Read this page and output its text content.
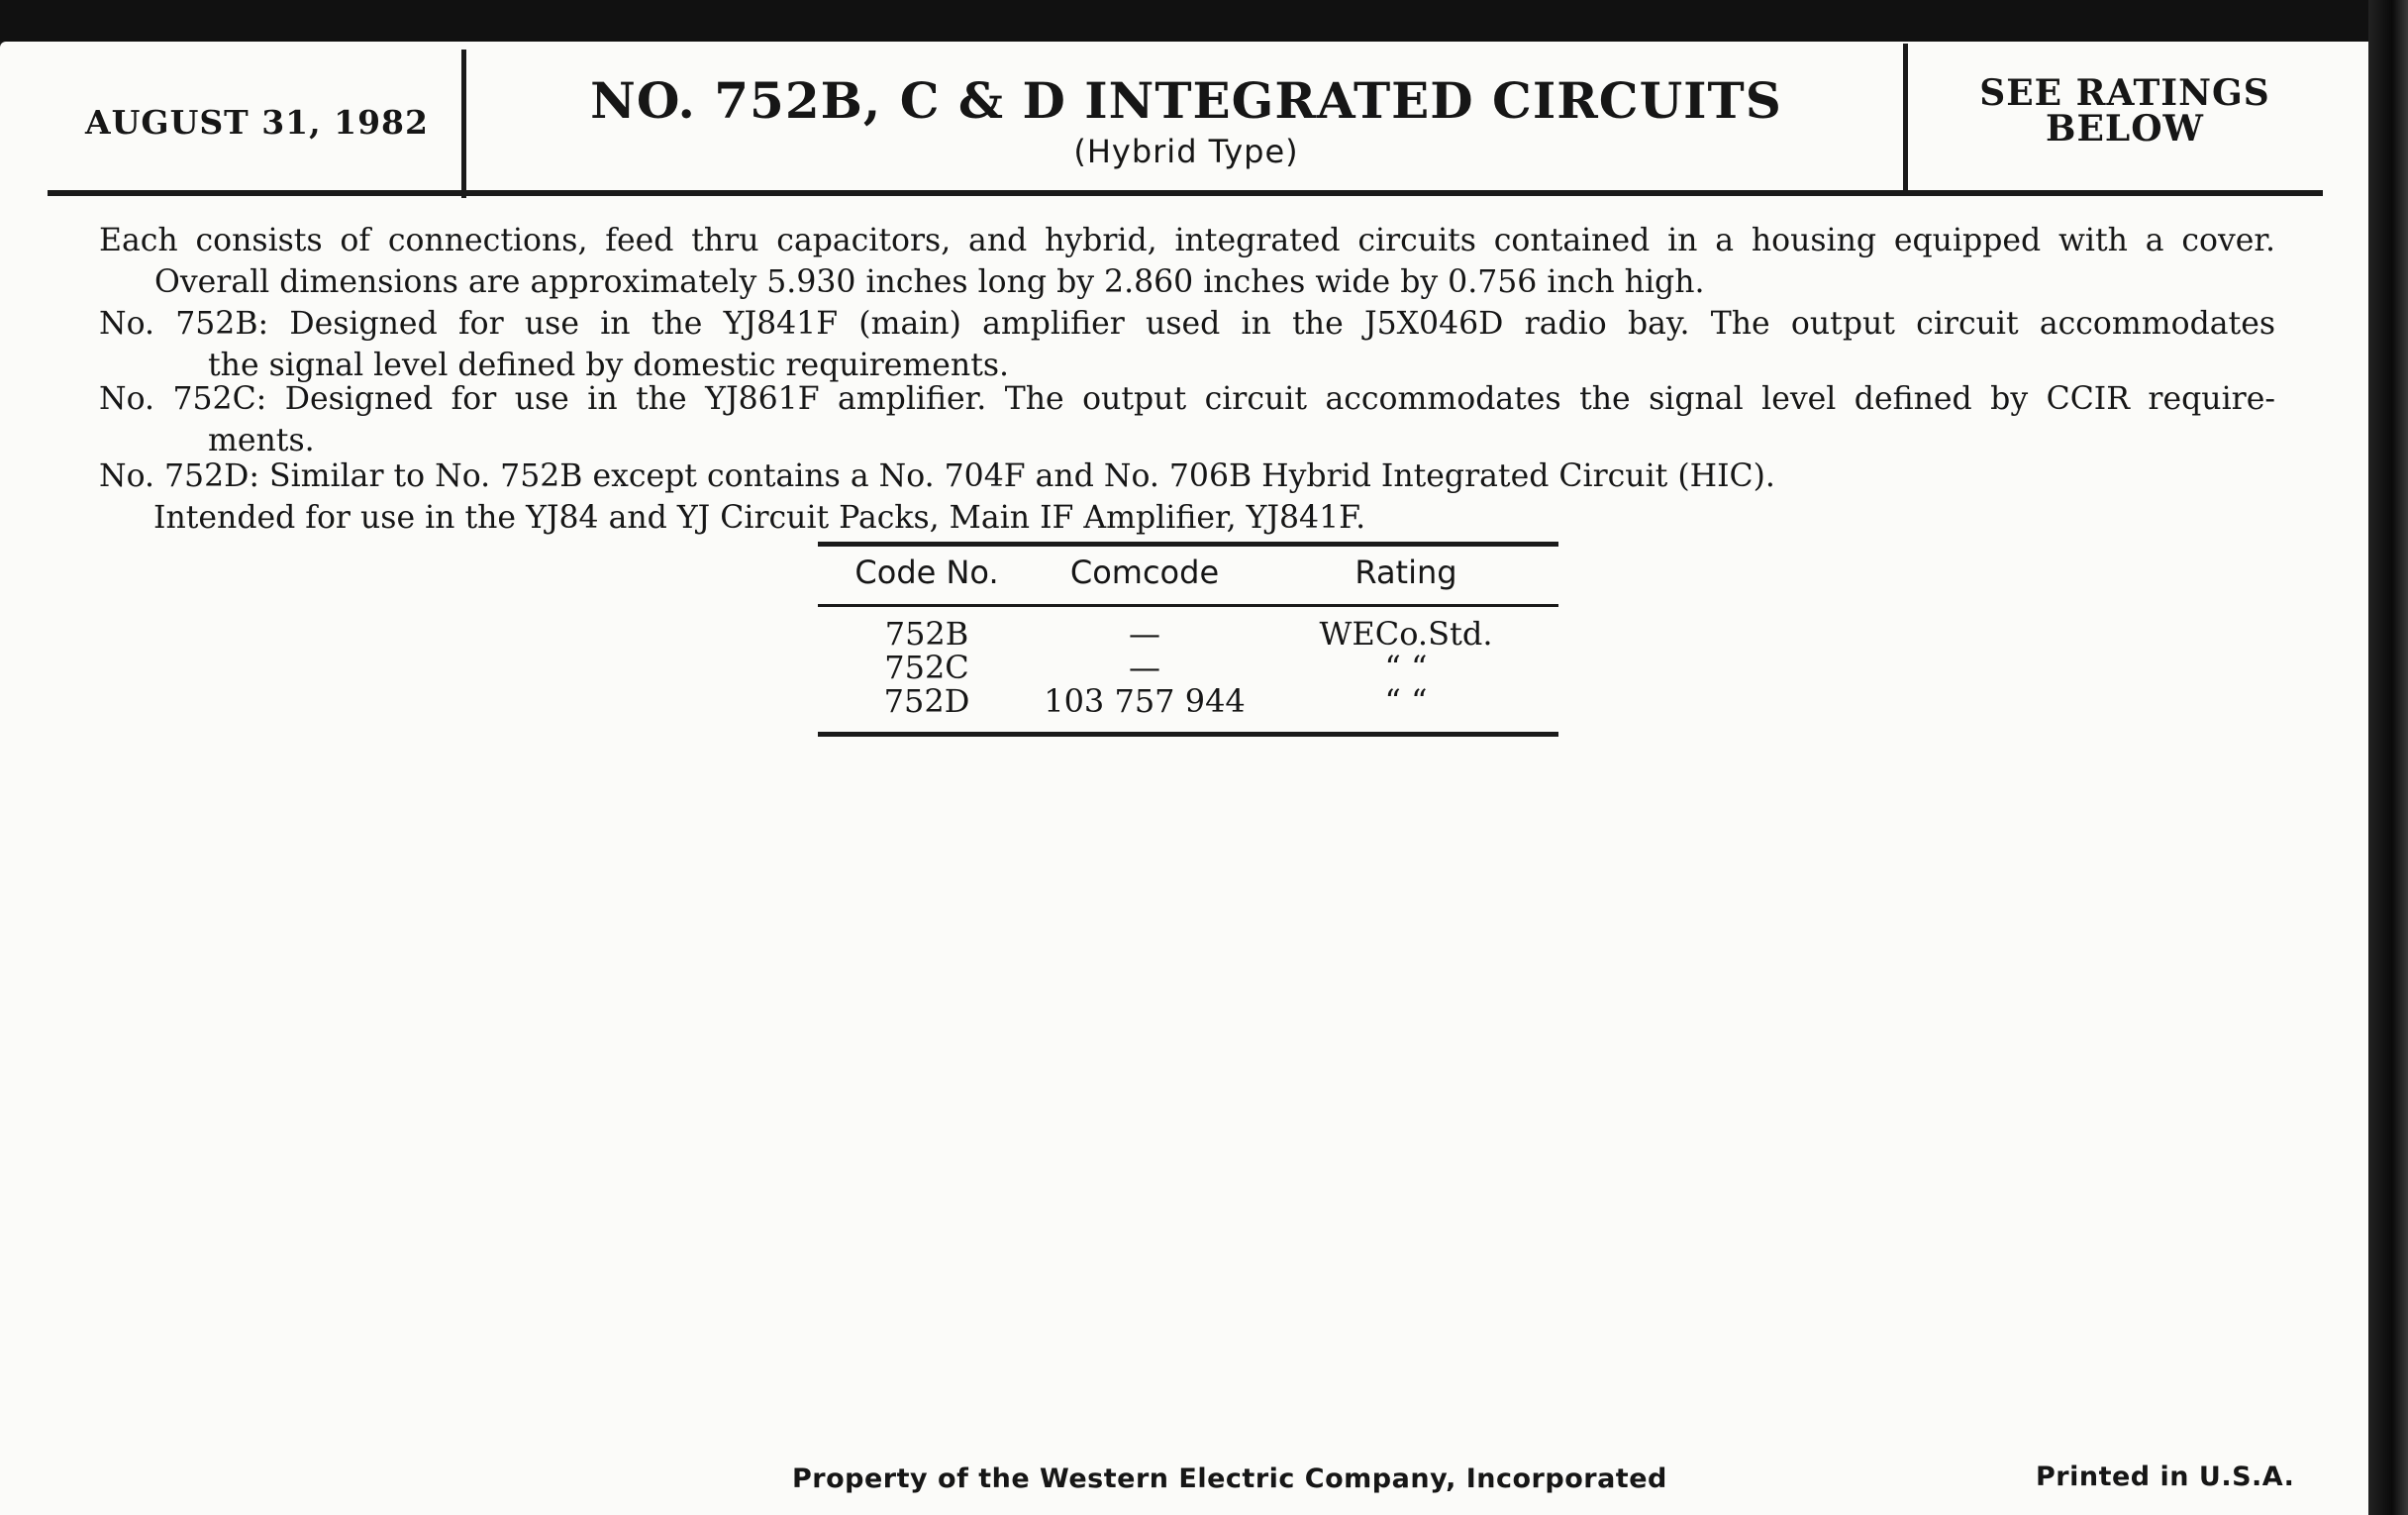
AUGUST 31, 1982	NO. 752B, C & D INTEGRATED CIRCUITS
(Hybrid Type)
SEE RATINGS
BELOW
Each consists of connections, feed thru capacitors, and hybrid, integrated circuits contained in a housing equipped with a cover.
Overall dimensions are approximately 5.930 inches long by 2.860 inches wide by 0.756 inch high.
No. 752B: Designed for use in the YJ841F (main) amplifier used in the J5X046D radio bay. The output circuit accommodates
the signal level defined by domestic requirements.
No. 752C: Designed for use in the YJ861F amplifier. The output circuit accommodates the signal level defined by CCIR require-
ments.
No. 752D: Similar to No. 752B except contains a No. 704F and No. 706B Hybrid Integrated Circuit (HIC).
Intended for use in the YJ84 and YJ Circuit Packs, Main IF Amplifier, YJ841F.
Code No.	Comcode	Rating
752B	—	WECo.Std.
752C	—	“ “
752D	103 757 944	“ “
Property of the Western Electric Company, Incorporated	Printed in U.S.A.
